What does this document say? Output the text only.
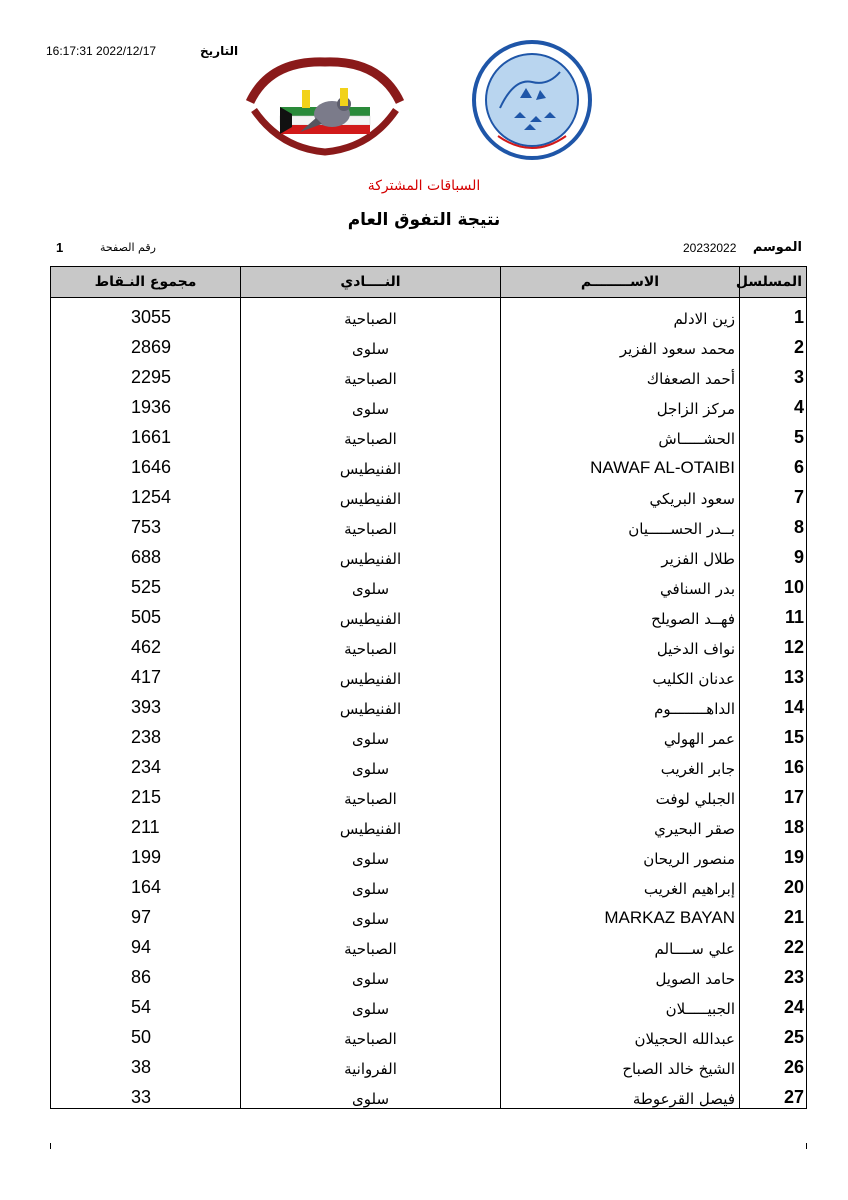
16:17:31 2022/12/17	التاريخ
السباقات المشتركة
نتيجة التفوق العام
الموسم
20232022
رقم الصفحة
1
المسلسل	الاســــــــم	النــــادي	مجموع النـقاط
1	زين الادلم	الصباحية	3055
2	محمد سعود الفزير	سلوى	2869
3	أحمد الصعفاك	الصباحية	2295
4	مركز الزاجل	سلوى	1936
5	الحشـــــاش	الصباحية	1661
6	NAWAF AL-OTAIBI	الفنيطيس	1646
7	سعود البريكي	الفنيطيس	1254
8	بــدر الحســـــيان	الصباحية	753
9	طلال الفزير	الفنيطيس	688
10	بدر السنافي	سلوى	525
11	فهــد الصويلح	الفنيطيس	505
12	نواف الدخيل	الصباحية	462
13	عدنان الكليب	الفنيطيس	417
14	الداهــــــــوم	الفنيطيس	393
15	عمر الهولي	سلوى	238
16	جابر الغريب	سلوى	234
17	الجبلي لوفت	الصباحية	215
18	صقر البحيري	الفنيطيس	211
19	منصور الريحان	سلوى	199
20	إبراهيم الغريب	سلوى	164
21	MARKAZ BAYAN	سلوى	97
22	علي ســــالم	الصباحية	94
23	حامد الصويل	سلوى	86
24	الجبيـــــلان	سلوى	54
25	عبدالله الحجيلان	الصباحية	50
26	الشيخ خالد الصباح	الفروانية	38
27	فيصل القرعوطة	سلوى	33
